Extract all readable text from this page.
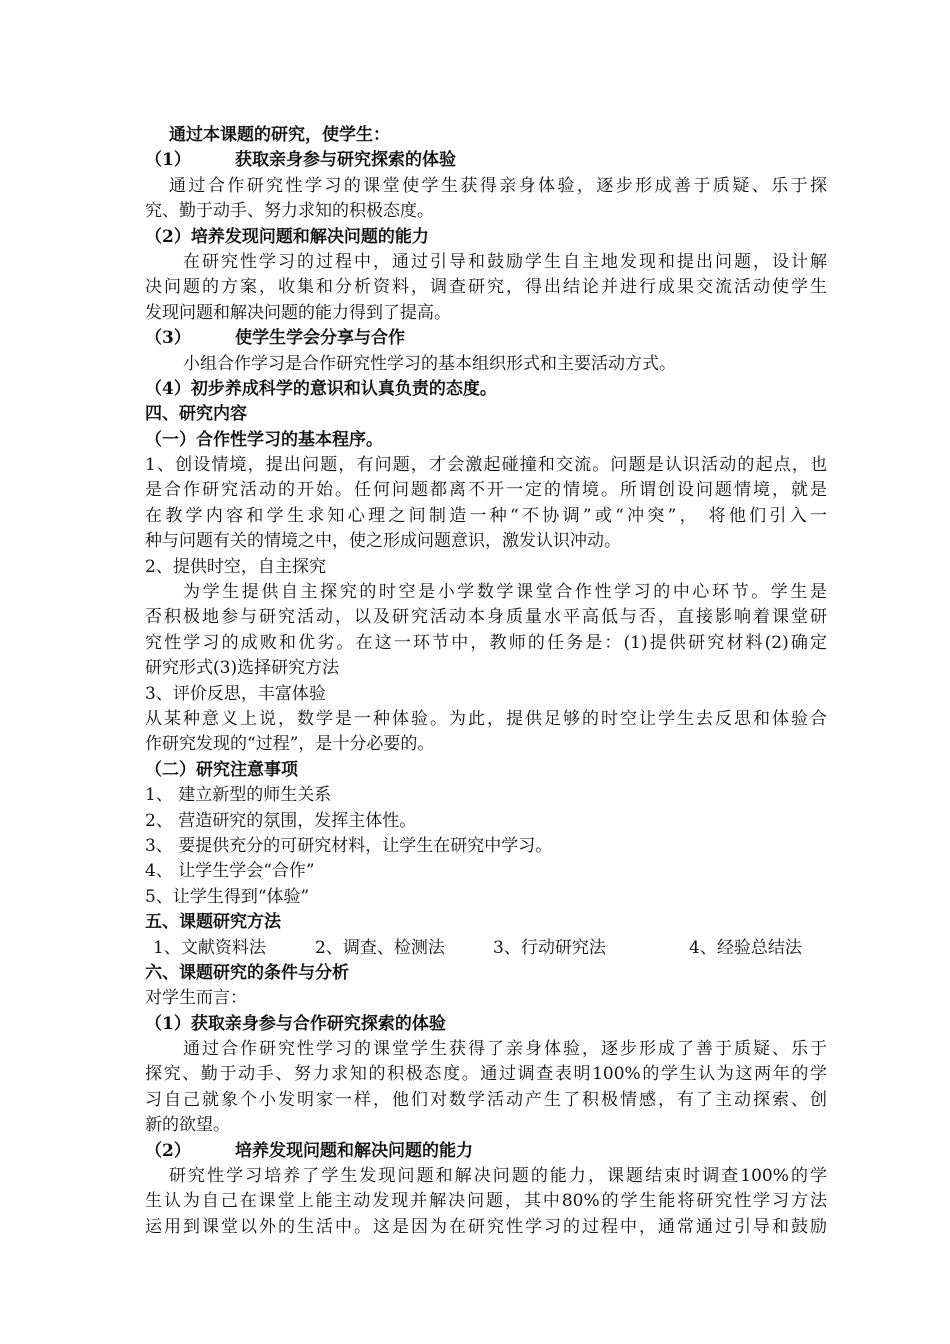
通过本课题的研究，使学生：
（1）	获取亲身参与研究探索的体验
通过合作研究性学习的课堂使学生获得亲身体验，逐步形成善于质疑、乐于探
究、勤于动手、努力求知的积极态度。
（2）培养发现问题和解决问题的能力
在研究性学习的过程中，通过引导和鼓励学生自主地发现和提出问题，设计解
决问题的方案，收集和分析资料，调查研究，得出结论并进行成果交流活动使学生
发现问题和解决问题的能力得到了提高。
（3）	使学生学会分享与合作
小组合作学习是合作研究性学习的基本组织形式和主要活动方式。
（4）初步养成科学的意识和认真负责的态度。
四、研究内容
（一）合作性学习的基本程序。
1、创设情境，提出问题，有问题，才会激起碰撞和交流。问题是认识活动的起点，也
是合作研究活动的开始。任何问题都离不开一定的情境。所谓创设问题情境，就是
在教学内容和学生求知心理之间制造一种“不协调”或“冲突”， 将他们引入一
种与问题有关的情境之中，使之形成问题意识，激发认识冲动。
2、提供时空，自主探究
为学生提供自主探究的时空是小学数学课堂合作性学习的中心环节。学生是
否积极地参与研究活动，以及研究活动本身质量水平高低与否，直接影响着课堂研
究性学习的成败和优劣。在这一环节中，教师的任务是：(1)提供研究材料(2)确定
研究形式(3)选择研究方法
3、评价反思，丰富体验
从某种意义上说，数学是一种体验。为此，提供足够的时空让学生去反思和体验合
作研究发现的“过程”，是十分必要的。
（二）研究注意事项
1、 建立新型的师生关系
2、 营造研究的氛围，发挥主体性。
3、 要提供充分的可研究材料，让学生在研究中学习。
4、 让学生学会“合作”
5、让学生得到“体验”
五、课题研究方法
1、文献资料法	2、调查、检测法	3、行动研究法	4、经验总结法
六、课题研究的条件与分析
对学生而言：
（1）获取亲身参与合作研究探索的体验
通过合作研究性学习的课堂学生获得了亲身体验，逐步形成了善于质疑、乐于
探究、勤于动手、努力求知的积极态度。通过调查表明100%的学生认为这两年的学
习自己就象个小发明家一样，他们对数学活动产生了积极情感，有了主动探索、创
新的欲望。
（2）	培养发现问题和解决问题的能力
研究性学习培养了学生发现问题和解决问题的能力，课题结束时调查100%的学
生认为自己在课堂上能主动发现并解决问题，其中80%的学生能将研究性学习方法
运用到课堂以外的生活中。这是因为在研究性学习的过程中，通常通过引导和鼓励
